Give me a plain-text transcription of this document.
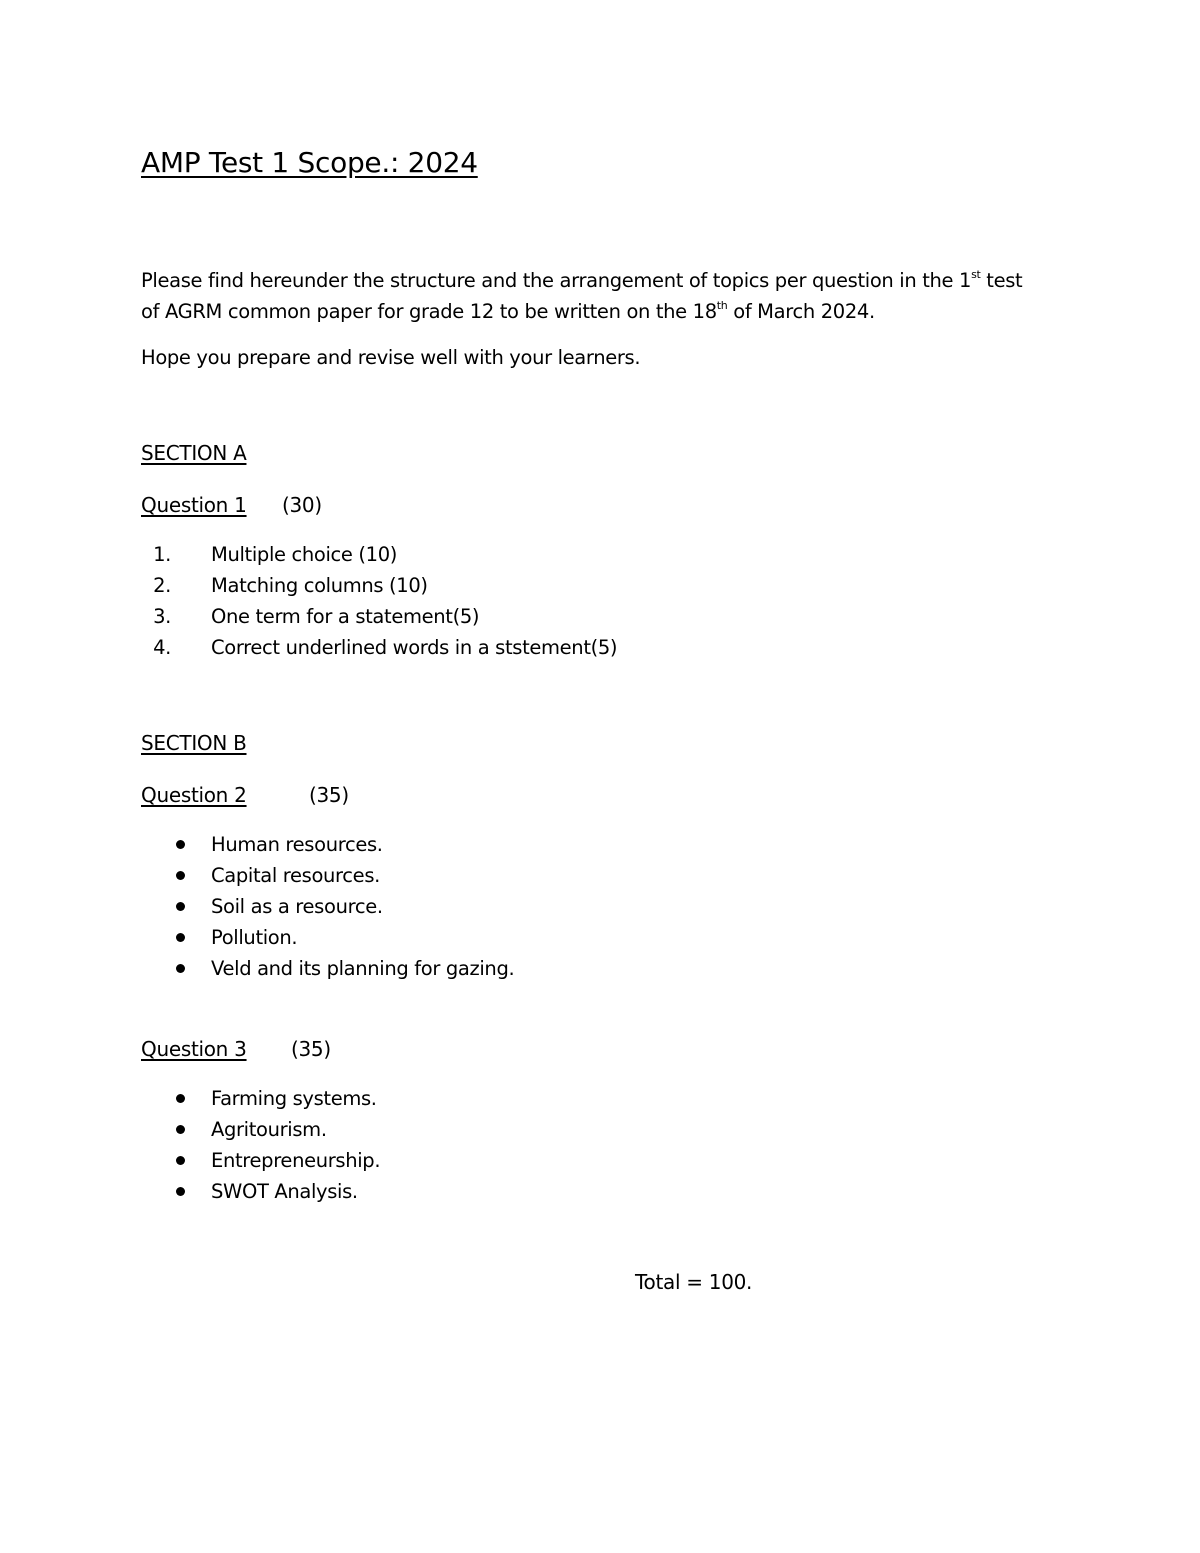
AMP Test 1 Scope.: 2024
Please find hereunder the structure and the arrangement of topics per question in the 1st test
of AGRM common paper for grade 12 to be written on the 18th of March 2024.
Hope you prepare and revise well with your learners.
SECTION A
Question 1 (30)
1. Multiple choice (10)
2. Matching columns (10)
3. One term for a statement(5)
4. Correct underlined words in a ststement(5)
SECTION B
Question 2	(35)
Human resources.
Capital resources.
Soil as a resource.
Pollution.
Veld and its planning for gazing.
Question 3 (35)
Farming systems.
Agritourism.
Entrepreneurship.
SWOT Analysis.
Total = 100.
